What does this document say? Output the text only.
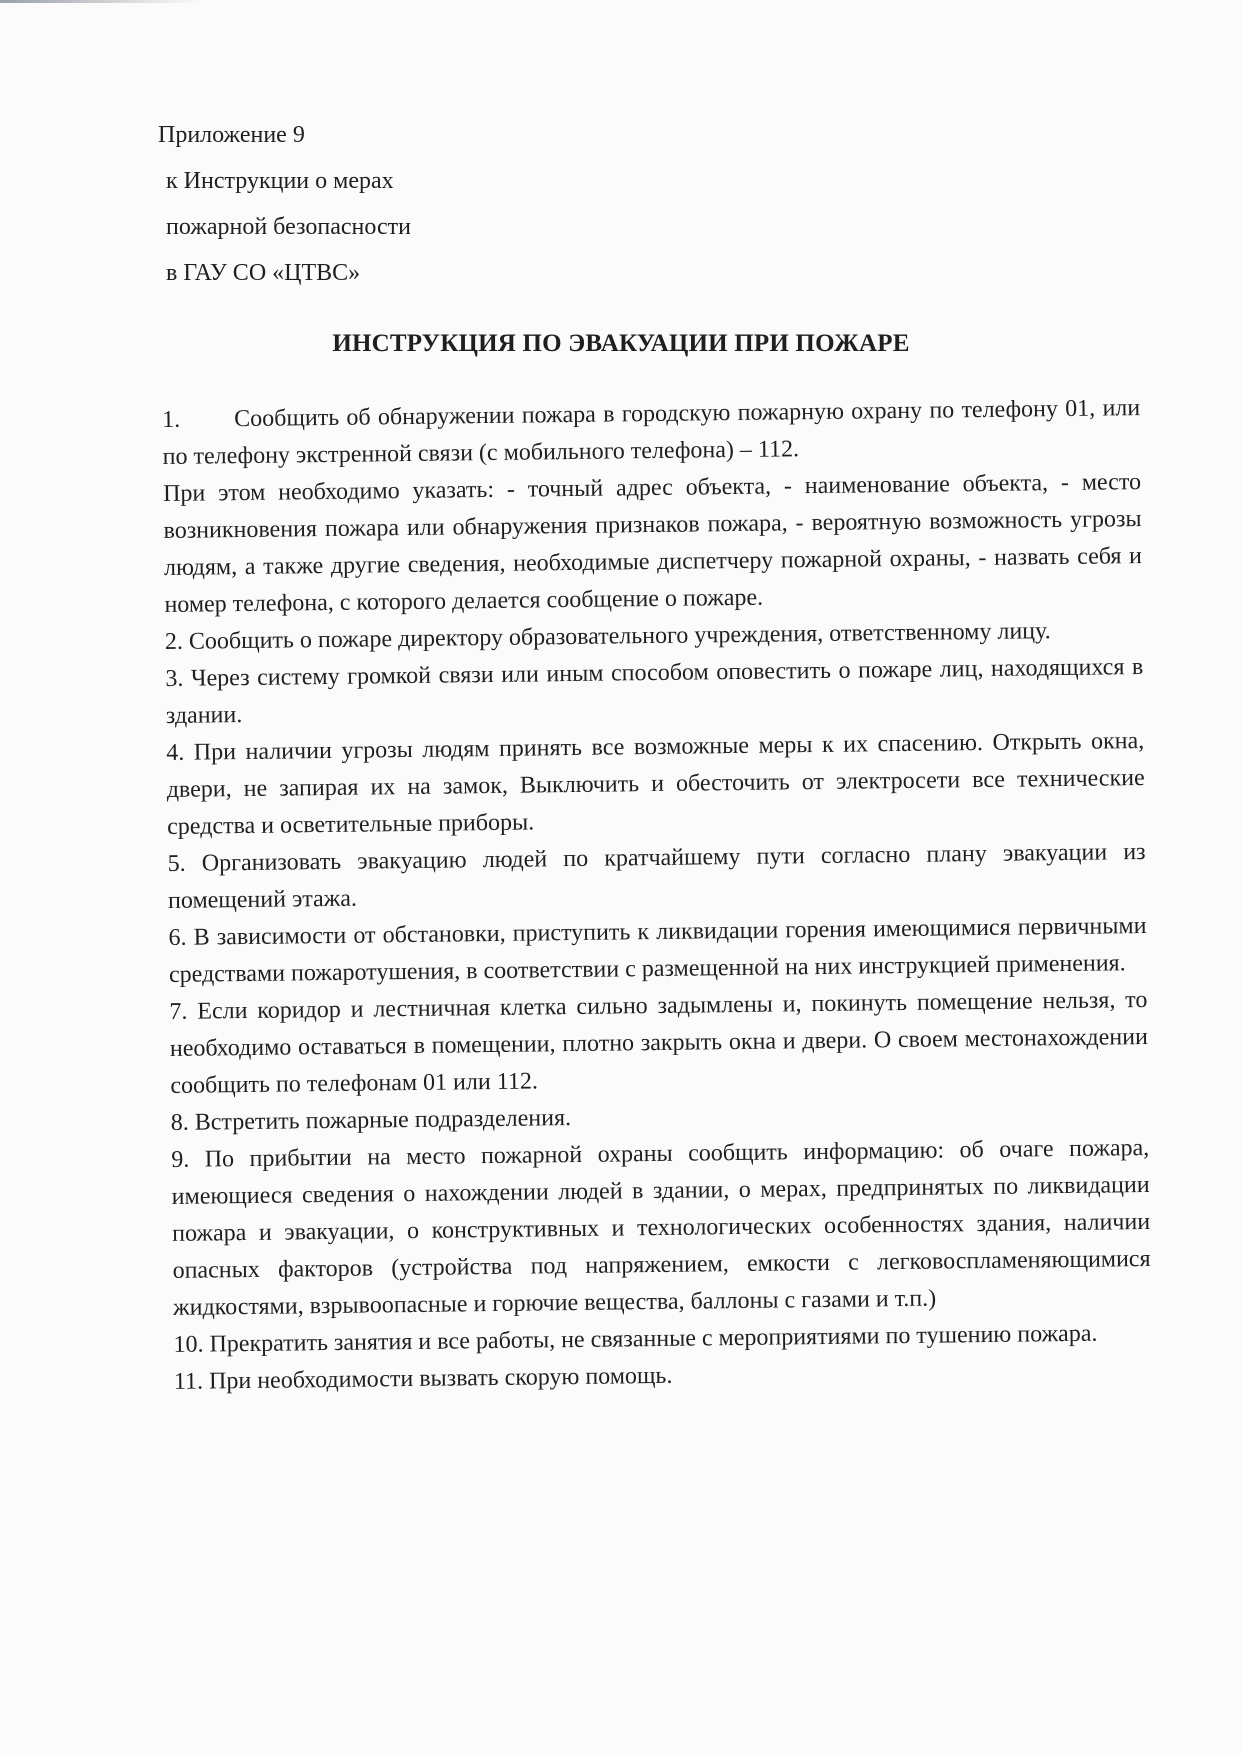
Приложение 9
к Инструкции о мерах
пожарной безопасности
в ГАУ СО «ЦТВС»
ИНСТРУКЦИЯ ПО ЭВАКУАЦИИ ПРИ ПОЖАРЕ

1. Сообщить об обнаружении пожара в городскую пожарную охрану по телефону 01, или по телефону экстренной связи (с мобильного телефона) – 112.

При этом необходимо указать: - точный адрес объекта, - наименование объекта, - место возникновения пожара или обнаружения признаков пожара, - вероятную возможность угрозы людям, а также другие сведения, необходимые диспетчеру пожарной охраны, - назвать себя и номер телефона, с которого делается сообщение о пожаре.

2. Сообщить о пожаре директору образовательного учреждения, ответственному лицу.

3. Через систему громкой связи или иным способом оповестить о пожаре лиц, находящихся в здании.

4. При наличии угрозы людям принять все возможные меры к их спасению. Открыть окна, двери, не запирая их на замок, Выключить и обесточить от электросети все технические средства и осветительные приборы.

5. Организовать эвакуацию людей по кратчайшему пути согласно плану эвакуации из помещений этажа.

6. В зависимости от обстановки, приступить к ликвидации горения имеющимися первичными средствами пожаротушения, в соответствии с размещенной на них инструкцией применения.

7. Если коридор и лестничная клетка сильно задымлены и, покинуть помещение нельзя, то необходимо оставаться в помещении, плотно закрыть окна и двери. О своем местонахождении сообщить по телефонам 01 или 112.

8. Встретить пожарные подразделения.

9. По прибытии на место пожарной охраны сообщить информацию: об очаге пожара, имеющиеся сведения о нахождении людей в здании, о мерах, предпринятых по ликвидации пожара и эвакуации, о конструктивных и технологических особенностях здания, наличии опасных факторов (устройства под напряжением, емкости с легковоспламеняющимися жидкостями, взрывоопасные и горючие вещества, баллоны с газами и т.п.)

10. Прекратить занятия и все работы, не связанные с мероприятиями по тушению пожара.

11. При необходимости вызвать скорую помощь.
